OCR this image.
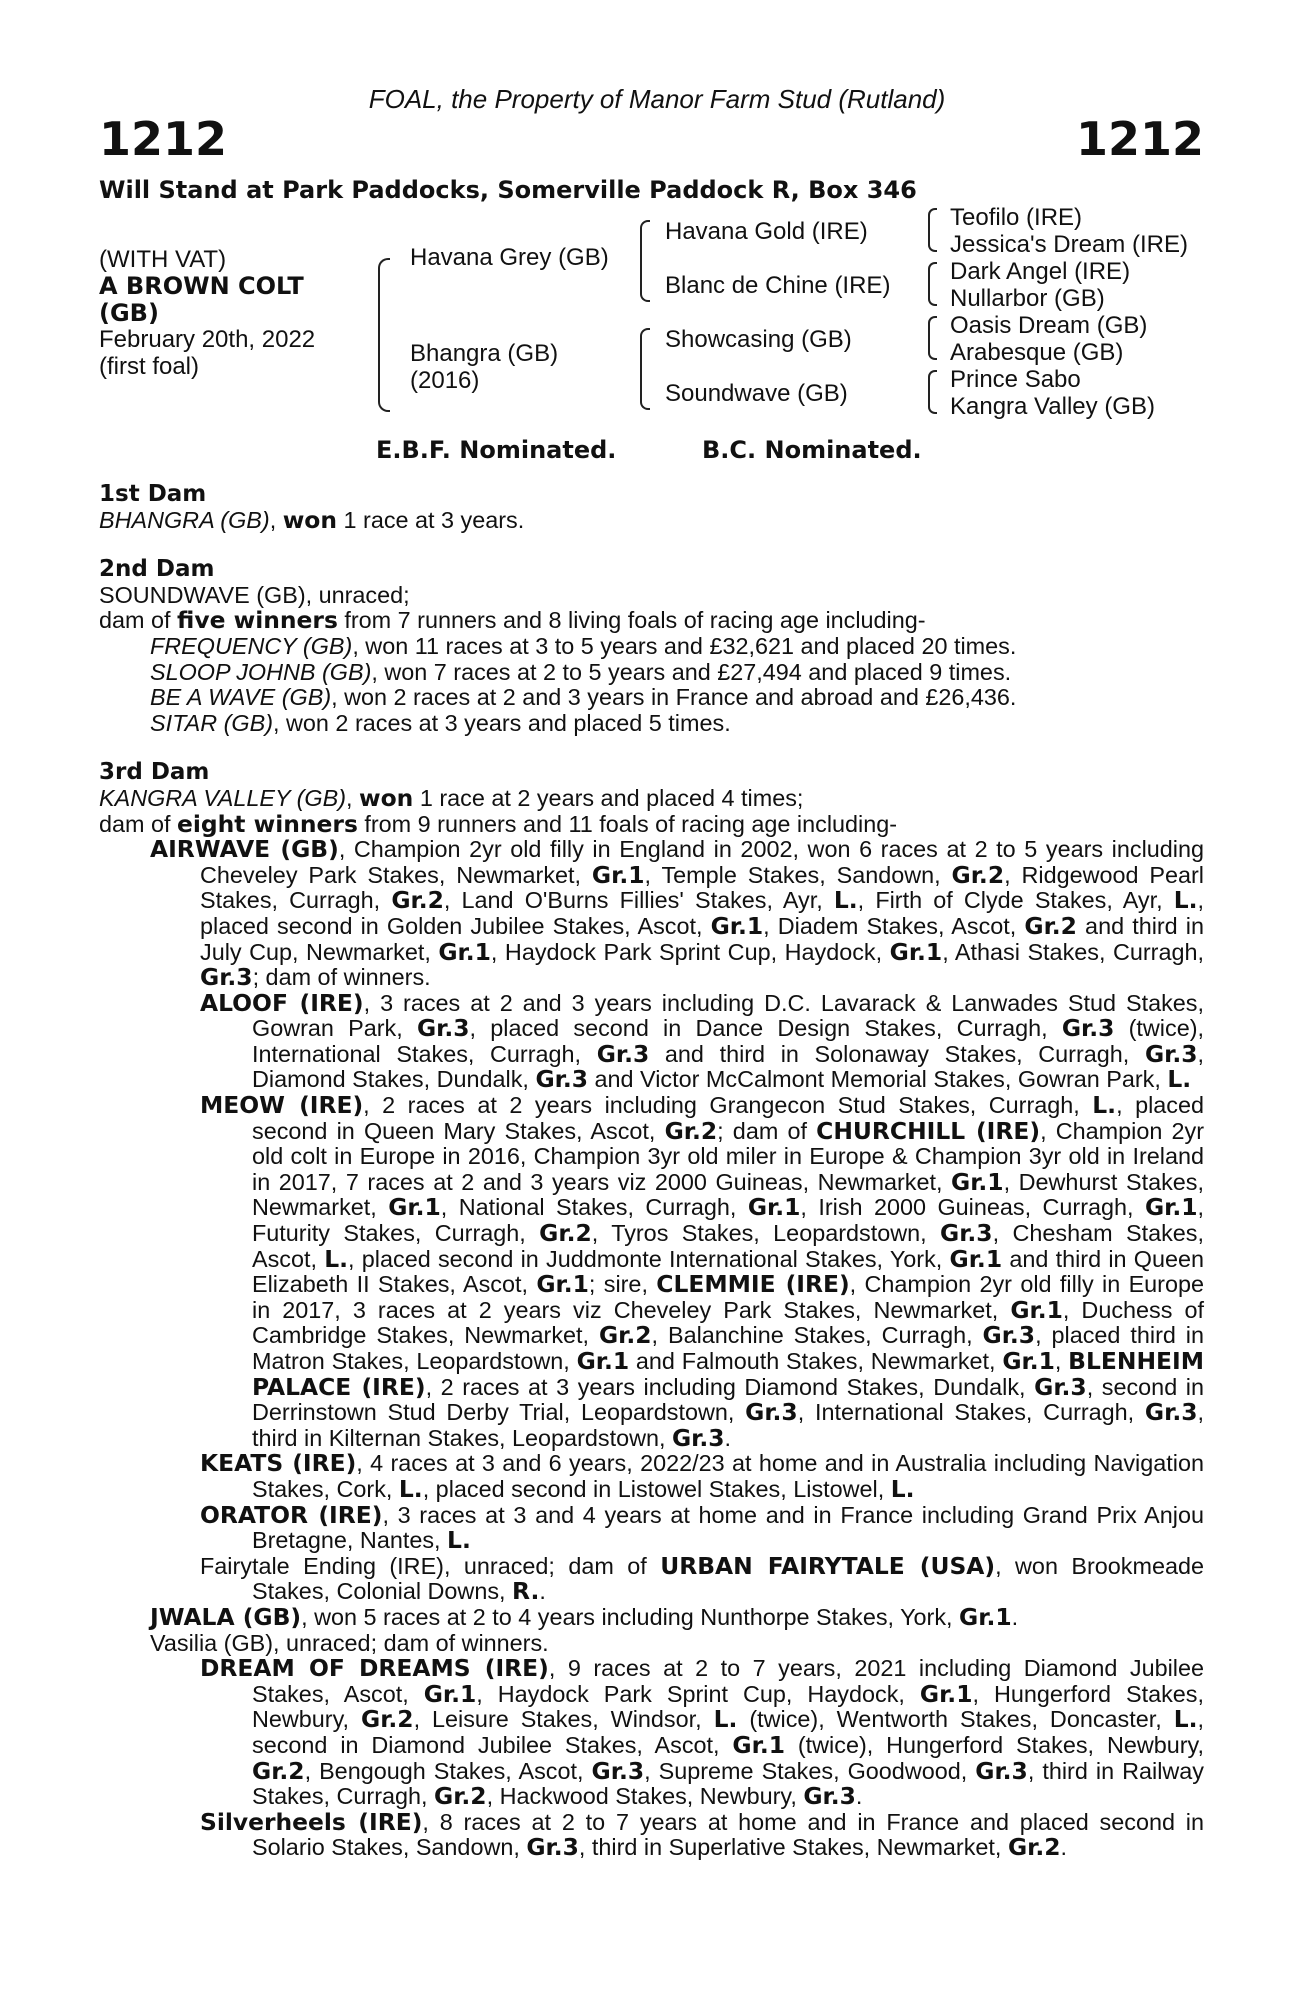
FOAL, the Property of Manor Farm Stud (Rutland)
1212	1212
Will Stand at Park Paddocks, Somerville Paddock R, Box 346
(WITH VAT)
A BROWN COLT
(GB)
February 20th, 2022
(first foal)
Havana Grey (GB)
Bhangra (GB)
(2016)
Havana Gold (IRE)
Blanc de Chine (IRE)
Showcasing (GB)
Soundwave (GB)
Teofilo (IRE)
Jessica's Dream (IRE)
Dark Angel (IRE)
Nullarbor (GB)
Oasis Dream (GB)
Arabesque (GB)
Prince Sabo
Kangra Valley (GB)
E.B.F. Nominated.	B.C. Nominated.
1st Dam
BHANGRA (GB), won 1 race at 3 years.
2nd Dam
SOUNDWAVE (GB), unraced;
dam of five winners from 7 runners and 8 living foals of racing age including-
FREQUENCY (GB), won 11 races at 3 to 5 years and £32,621 and placed 20 times.
SLOOP JOHNB (GB), won 7 races at 2 to 5 years and £27,494 and placed 9 times.
BE A WAVE (GB), won 2 races at 2 and 3 years in France and abroad and £26,436.
SITAR (GB), won 2 races at 3 years and placed 5 times.
3rd Dam
KANGRA VALLEY (GB), won 1 race at 2 years and placed 4 times;
dam of eight winners from 9 runners and 11 foals of racing age including-
AIRWAVE (GB), Champion 2yr old filly in England in 2002, won 6 races at 2 to 5 years including Cheveley Park Stakes, Newmarket, Gr.1, Temple Stakes, Sandown, Gr.2, Ridgewood Pearl Stakes, Curragh, Gr.2, Land O'Burns Fillies' Stakes, Ayr, L., Firth of Clyde Stakes, Ayr, L., placed second in Golden Jubilee Stakes, Ascot, Gr.1, Diadem Stakes, Ascot, Gr.2 and third in July Cup, Newmarket, Gr.1, Haydock Park Sprint Cup, Haydock, Gr.1, Athasi Stakes, Curragh, Gr.3; dam of winners.
ALOOF (IRE), 3 races at 2 and 3 years including D.C. Lavarack & Lanwades Stud Stakes, Gowran Park, Gr.3, placed second in Dance Design Stakes, Curragh, Gr.3 (twice), International Stakes, Curragh, Gr.3 and third in Solonaway Stakes, Curragh, Gr.3, Diamond Stakes, Dundalk, Gr.3 and Victor McCalmont Memorial Stakes, Gowran Park, L.
MEOW (IRE), 2 races at 2 years including Grangecon Stud Stakes, Curragh, L., placed second in Queen Mary Stakes, Ascot, Gr.2; dam of CHURCHILL (IRE), Champion 2yr old colt in Europe in 2016, Champion 3yr old miler in Europe & Champion 3yr old in Ireland in 2017, 7 races at 2 and 3 years viz 2000 Guineas, Newmarket, Gr.1, Dewhurst Stakes, Newmarket, Gr.1, National Stakes, Curragh, Gr.1, Irish 2000 Guineas, Curragh, Gr.1, Futurity Stakes, Curragh, Gr.2, Tyros Stakes, Leopardstown, Gr.3, Chesham Stakes, Ascot, L., placed second in Juddmonte International Stakes, York, Gr.1 and third in Queen Elizabeth II Stakes, Ascot, Gr.1; sire, CLEMMIE (IRE), Champion 2yr old filly in Europe in 2017, 3 races at 2 years viz Cheveley Park Stakes, Newmarket, Gr.1, Duchess of Cambridge Stakes, Newmarket, Gr.2, Balanchine Stakes, Curragh, Gr.3, placed third in Matron Stakes, Leopardstown, Gr.1 and Falmouth Stakes, Newmarket, Gr.1, BLENHEIM PALACE (IRE), 2 races at 3 years including Diamond Stakes, Dundalk, Gr.3, second in Derrinstown Stud Derby Trial, Leopardstown, Gr.3, International Stakes, Curragh, Gr.3, third in Kilternan Stakes, Leopardstown, Gr.3.
KEATS (IRE), 4 races at 3 and 6 years, 2022/23 at home and in Australia including Navigation Stakes, Cork, L., placed second in Listowel Stakes, Listowel, L.
ORATOR (IRE), 3 races at 3 and 4 years at home and in France including Grand Prix Anjou Bretagne, Nantes, L.
Fairytale Ending (IRE), unraced; dam of URBAN FAIRYTALE (USA), won Brookmeade Stakes, Colonial Downs, R..
JWALA (GB), won 5 races at 2 to 4 years including Nunthorpe Stakes, York, Gr.1.
Vasilia (GB), unraced; dam of winners.
DREAM OF DREAMS (IRE), 9 races at 2 to 7 years, 2021 including Diamond Jubilee Stakes, Ascot, Gr.1, Haydock Park Sprint Cup, Haydock, Gr.1, Hungerford Stakes, Newbury, Gr.2, Leisure Stakes, Windsor, L. (twice), Wentworth Stakes, Doncaster, L., second in Diamond Jubilee Stakes, Ascot, Gr.1 (twice), Hungerford Stakes, Newbury, Gr.2, Bengough Stakes, Ascot, Gr.3, Supreme Stakes, Goodwood, Gr.3, third in Railway Stakes, Curragh, Gr.2, Hackwood Stakes, Newbury, Gr.3.
Silverheels (IRE), 8 races at 2 to 7 years at home and in France and placed second in Solario Stakes, Sandown, Gr.3, third in Superlative Stakes, Newmarket, Gr.2.
